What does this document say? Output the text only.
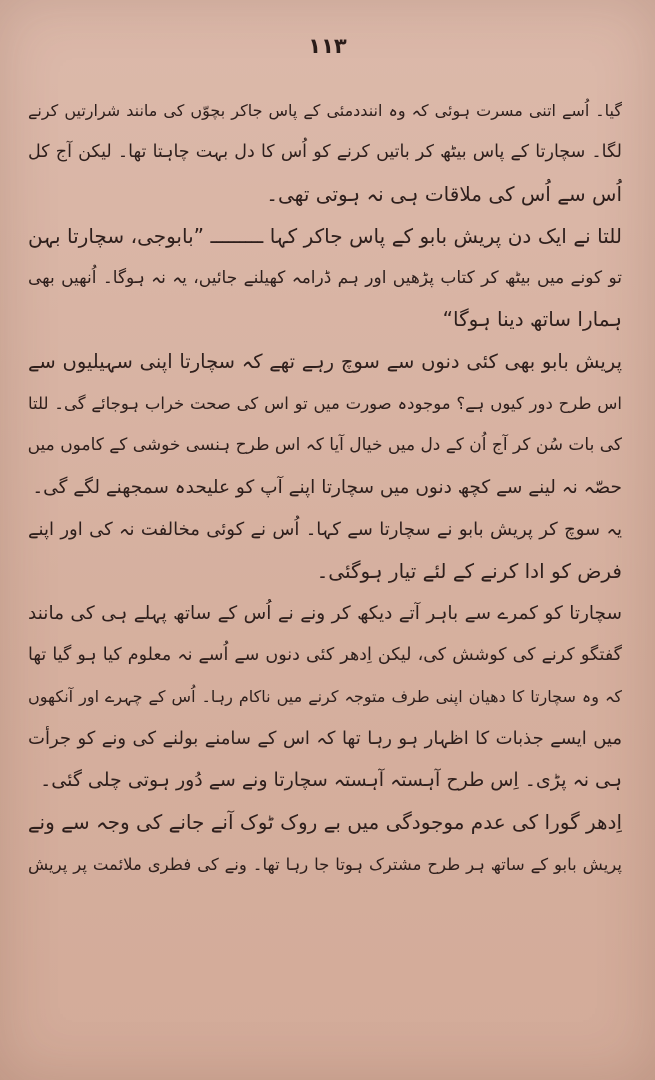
۱۱۳
گیا۔ اُسے اتنی مسرت ہوئی کہ وہ اننددمئی کے پاس جاکر بچوّں کی مانند شرارتیں کرنے
لگا۔ سچارتا کے پاس بیٹھ کر باتیں کرنے کو اُس کا دل بہت چاہتا تھا۔ لیکن آج کل
اُس سے اُس کی ملاقات ہی نہ ہوتی تھی۔
للتا نے ایک دن پریش بابو کے پاس جاکر کہا ـــــــــ ”بابوجی، سچارتا بہن
تو کونے میں بیٹھ کر کتاب پڑھیں اور ہم ڈرامہ کھیلنے جائیں، یہ نہ ہوگا۔ اُنھیں بھی
ہمارا ساتھ دینا ہوگا“
پریش بابو بھی کئی دنوں سے سوچ رہے تھے کہ سچارتا اپنی سہیلیوں سے
اس طرح دور کیوں ہے؟ موجودہ صورت میں تو اس کی صحت خراب ہوجائے گی۔ للتا
کی بات سُن کر آج اُن کے دل میں خیال آیا کہ اس طرح ہنسی خوشی کے کاموں میں
حصّہ نہ لینے سے کچھ دنوں میں سچارتا اپنے آپ کو علیحدہ سمجھنے لگے گی۔
یہ سوچ کر پریش بابو نے سچارتا سے کہا۔ اُس نے کوئی مخالفت نہ کی اور اپنے
فرض کو ادا کرنے کے لئے تیار ہوگئی۔
سچارتا کو کمرے سے باہر آتے دیکھ کر ونے نے اُس کے ساتھ پہلے ہی کی مانند
گفتگو کرنے کی کوشش کی، لیکن اِدھر کئی دنوں سے اُسے نہ معلوم کیا ہو گیا تھا
کہ وہ سچارتا کا دھیان اپنی طرف متوجہ کرنے میں ناکام رہا۔ اُس کے چہرے اور آنکھوں
میں ایسے جذبات کا اظہار ہو رہا تھا کہ اس کے سامنے بولنے کی ونے کو جرأت
ہی نہ پڑی۔ اِس طرح آہستہ آہستہ سچارتا ونے سے دُور ہوتی چلی گئی۔
اِدھر گورا کی عدم موجودگی میں بے روک ٹوک آنے جانے کی وجہ سے ونے
پریش بابو کے ساتھ ہر طرح مشترک ہوتا جا رہا تھا۔ ونے کی فطری ملائمت پر پریش
